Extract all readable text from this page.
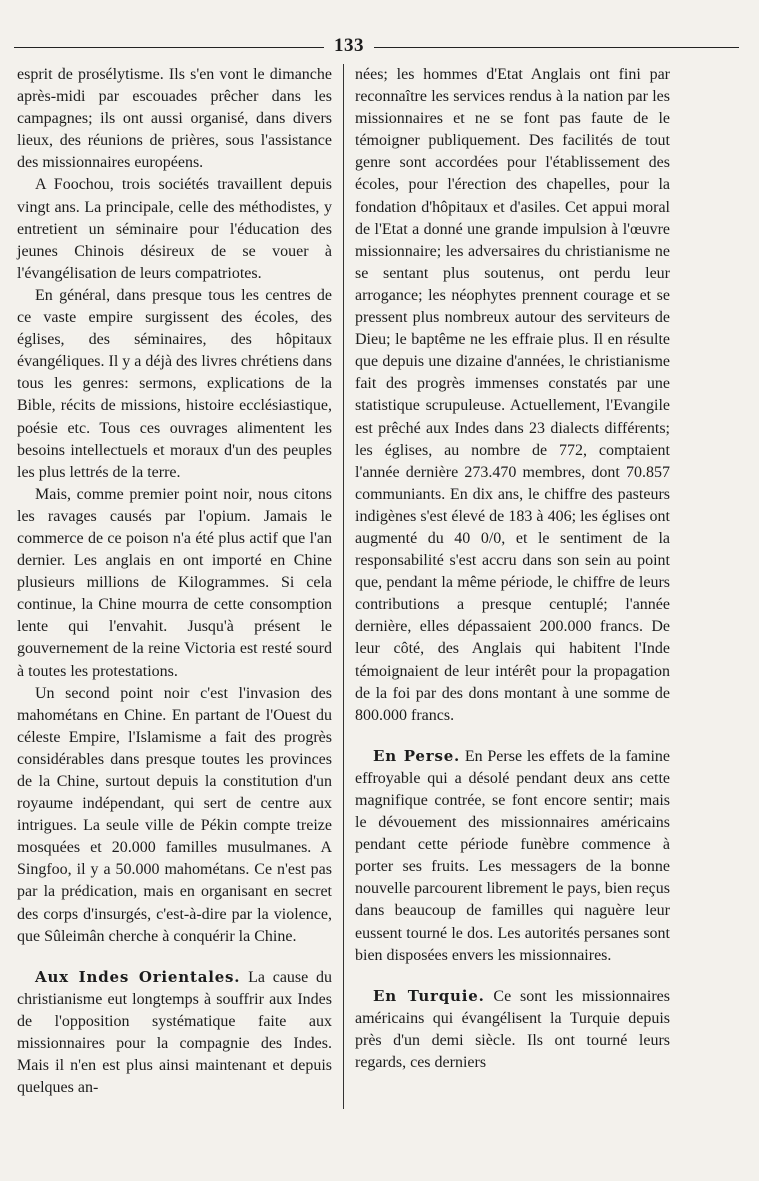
133

esprit de prosélytisme. Ils s'en vont le dimanche après-midi par escouades prêcher dans les campagnes; ils ont aussi organisé, dans divers lieux, des réunions de prières, sous l'assistance des missionnaires européens.

A Foochou, trois sociétés travaillent depuis vingt ans. La principale, celle des méthodistes, y entretient un séminaire pour l'éducation des jeunes Chinois désireux de se vouer à l'évangélisation de leurs compatriotes.

En général, dans presque tous les centres de ce vaste empire surgissent des écoles, des églises, des séminaires, des hôpitaux évangéliques. Il y a déjà des livres chrétiens dans tous les genres: sermons, explications de la Bible, récits de missions, histoire ecclésiastique, poésie etc. Tous ces ouvrages alimentent les besoins intellectuels et moraux d'un des peuples les plus lettrés de la terre.

Mais, comme premier point noir, nous citons les ravages causés par l'opium. Jamais le commerce de ce poison n'a été plus actif que l'an dernier. Les anglais en ont importé en Chine plusieurs millions de Kilogrammes. Si cela continue, la Chine mourra de cette consomption lente qui l'envahit. Jusqu'à présent le gouvernement de la reine Victoria est resté sourd à toutes les protestations.

Un second point noir c'est l'invasion des mahométans en Chine. En partant de l'Ouest du céleste Empire, l'Islamisme a fait des progrès considérables dans presque toutes les provinces de la Chine, surtout depuis la constitution d'un royaume indépendant, qui sert de centre aux intrigues. La seule ville de Pékin compte treize mosquées et 20.000 familles musulmanes. A Singfoo, il y a 50.000 mahométans. Ce n'est pas par la prédication, mais en organisant en secret des corps d'insurgés, c'est-à-dire par la violence, que Sûleimân cherche à conquérir la Chine.

Aux Indes Orientales. La cause du christianisme eut longtemps à souffrir aux Indes de l'opposition systématique faite aux missionnaires pour la compagnie des Indes. Mais il n'en est plus ainsi maintenant et depuis quelques an-

nées; les hommes d'Etat Anglais ont fini par reconnaître les services rendus à la nation par les missionnaires et ne se font pas faute de le témoigner publiquement. Des facilités de tout genre sont accordées pour l'établissement des écoles, pour l'érection des chapelles, pour la fondation d'hôpitaux et d'asiles. Cet appui moral de l'Etat a donné une grande impulsion à l'œuvre missionnaire; les adversaires du christianisme ne se sentant plus soutenus, ont perdu leur arrogance; les néophytes prennent courage et se pressent plus nombreux autour des serviteurs de Dieu; le baptême ne les effraie plus. Il en résulte que depuis une dizaine d'années, le christianisme fait des progrès immenses constatés par une statistique scrupuleuse. Actuellement, l'Evangile est prêché aux Indes dans 23 dialects différents; les églises, au nombre de 772, comptaient l'année dernière 273.470 membres, dont 70.857 communiants. En dix ans, le chiffre des pasteurs indigènes s'est élevé de 183 à 406; les églises ont augmenté du 40 0/0, et le sentiment de la responsabilité s'est accru dans son sein au point que, pendant la même période, le chiffre de leurs contributions a presque centuplé; l'année dernière, elles dépassaient 200.000 francs. De leur côté, des Anglais qui habitent l'Inde témoignaient de leur intérêt pour la propagation de la foi par des dons montant à une somme de 800.000 francs.

En Perse. En Perse les effets de la famine effroyable qui a désolé pendant deux ans cette magnifique contrée, se font encore sentir; mais le dévouement des missionnaires américains pendant cette période funèbre commence à porter ses fruits. Les messagers de la bonne nouvelle parcourent librement le pays, bien reçus dans beaucoup de familles qui naguère leur eussent tourné le dos. Les autorités persanes sont bien disposées envers les missionnaires.

En Turquie. Ce sont les missionnaires américains qui évangélisent la Turquie depuis près d'un demi siècle. Ils ont tourné leurs regards, ces derniers
